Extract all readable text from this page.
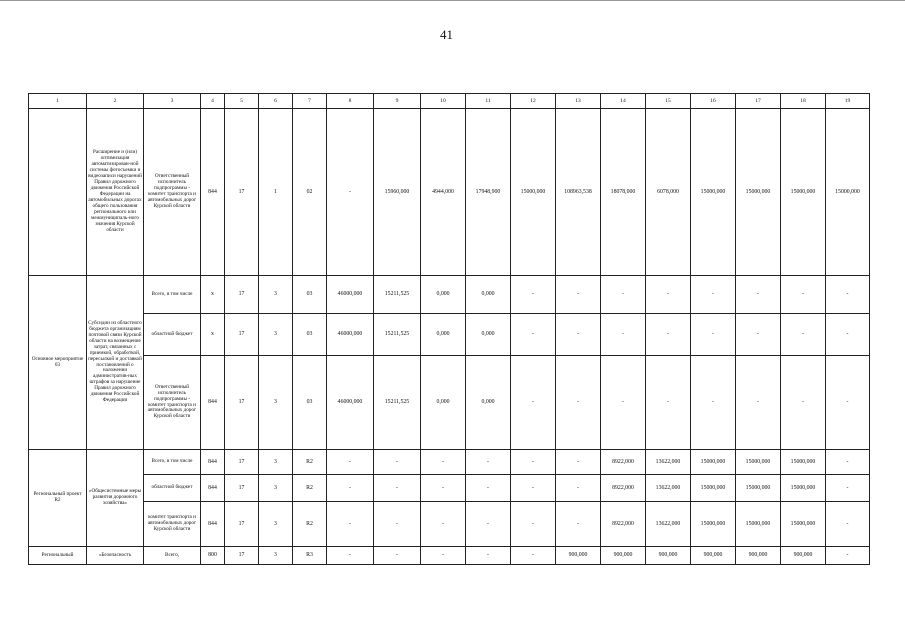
41
1	2	3	4	5	6	7	8	9	10	11	12	13	14	15	16	17	18	19
	Расширение и (или) оптимизация автоматизирован-ной системы фотосъемки и видеозаписи нарушений Правил дорожного движения Российской Федерации на автомобильных дорогах общего пользования регионального или межмуниципаль-ного значения Курской области	Ответственный исполнитель подпрограммы - комитет транспорта и автомобильных дорог Курской области	844	17	1	02	-	15960,000	4944,000	17948,900	15000,000	108963,538	18078,000	6078,000	15000,000	15000,000	15000,000	15000,000
Основное мероприятие 03	Субсидии из областного бюджета организациям почтовой связи Курской области на возмещение затрат, связанных с приемкой, обработкой, пересылкой и доставкой постановлений о наложении административ-ных штрафов за нарушение Правил дорожного движения Российской Федерации	Всего, в том числе	х	17	3	03	46000,000	15211,525	0,000	0,000	-	-	-	-	-	-	-	-
		областной бюджет	х	17	3	03	46000,000	15211,525	0,000	0,000	-	-	-	-	-	-	-	-
		Ответственный исполнитель подпрограммы - комитет транспорта и автомобильных дорог Курской области	844	17	3	03	46000,000	15211,525	0,000	0,000	-	-	-	-	-	-	-	-
Региональный проект R2	«Общесистемные меры развития дорожного хозяйства»	Всего, в том числе	844	17	3	R2	-	-	-	-	-	-	8922,000	13622,000	15000,000	15000,000	15000,000	-
		областной бюджет	844	17	3	R2	-	-	-	-	-	-	8922,000	13622,000	15000,000	15000,000	15000,000	-
		комитет транспорта и автомобильных дорог Курской области	844	17	3	R2	-	-	-	-	-	-	8922,000	13622,000	15000,000	15000,000	15000,000	-
Региональный	«Безопасность	Всего,	800	17	3	R3	-	-	-	-	-	900,000	900,000	900,000	900,000	900,000	900,000	-
